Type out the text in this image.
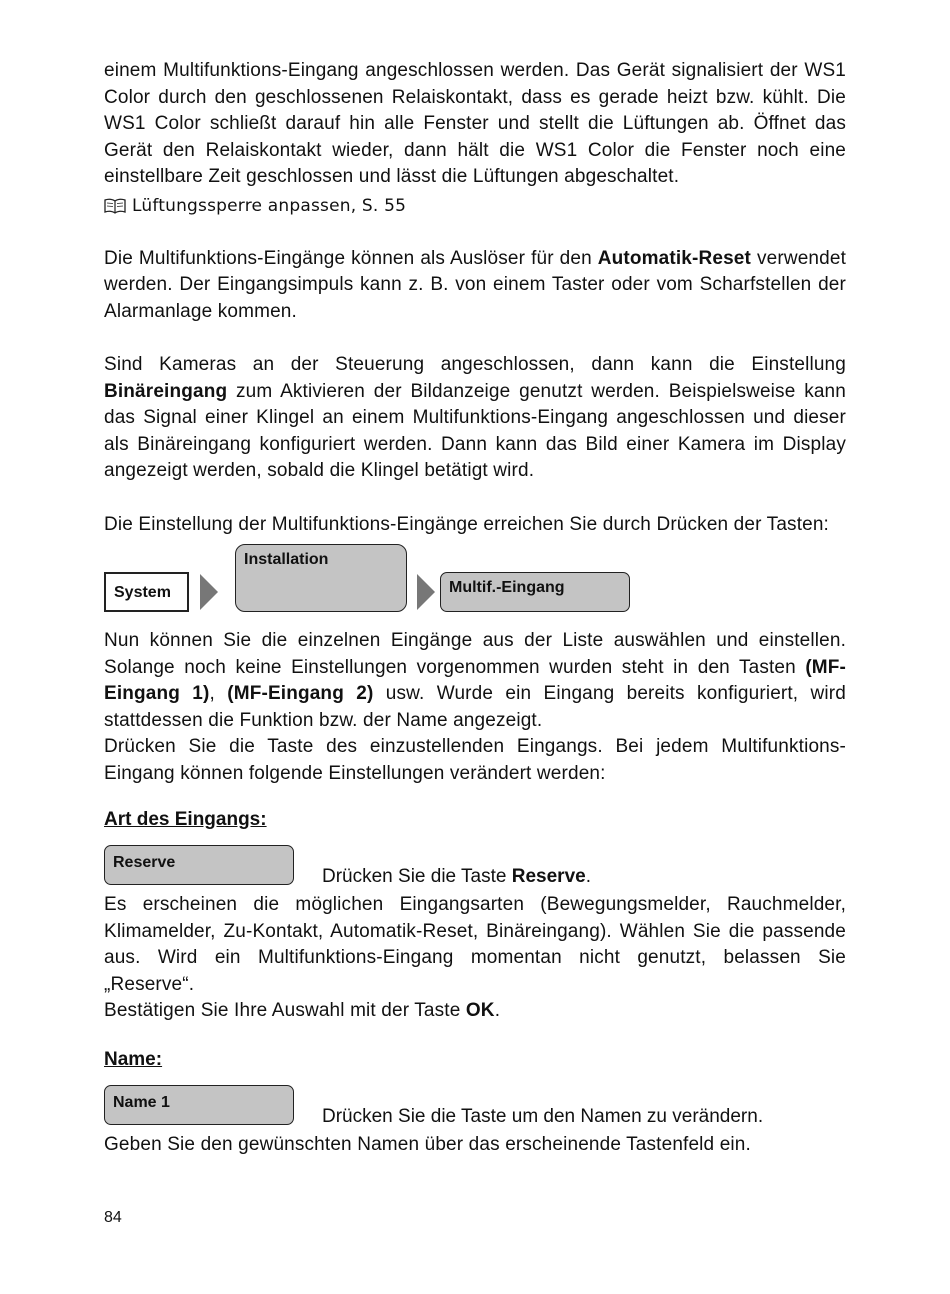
einem Multifunktions-Eingang angeschlossen werden. Das Gerät signalisiert der WS1 Color durch den geschlossenen Relaiskontakt, dass es gerade heizt bzw. kühlt. Die WS1 Color schließt darauf hin alle Fenster und stellt die Lüftungen ab. Öffnet das Gerät den Relaiskontakt wieder, dann hält die WS1 Color die Fenster noch eine einstellbare Zeit geschlossen und lässt die Lüftungen abgeschaltet.

Lüftungssperre anpassen, S. 55

Die Multifunktions-Eingänge können als Auslöser für den Automatik-Reset verwendet werden. Der Eingangsimpuls kann z. B. von einem Taster oder vom Scharfstellen der Alarmanlage kommen.

Sind Kameras an der Steuerung angeschlossen, dann kann die Einstellung Binäreingang zum Aktivieren der Bildanzeige genutzt werden. Beispielsweise kann das Signal einer Klingel an einem Multifunktions-Eingang angeschlossen und dieser als Binäreingang konfiguriert werden. Dann kann das Bild einer Kamera im Display angezeigt werden, sobald die Klingel betätigt wird.

Die Einstellung der Multifunktions-Eingänge erreichen Sie durch Drücken der Tasten:

System
Installation
Multif.-Eingang

Nun können Sie die einzelnen Eingänge aus der Liste auswählen und einstellen. Solange noch keine Einstellungen vorgenommen wurden steht in den Tasten (MF-Eingang 1), (MF-Eingang 2) usw. Wurde ein Eingang bereits konfiguriert, wird stattdessen die Funktion bzw. der Name angezeigt.

Drücken Sie die Taste des einzustellenden Eingangs. Bei jedem Multifunktions-Eingang können folgende Einstellungen verändert werden:

Art des Eingangs:
Reserve
Drücken Sie die Taste Reserve.

Es erscheinen die möglichen Eingangsarten (Bewegungsmelder, Rauchmelder, Klimamelder, Zu-Kontakt, Automatik-Reset, Binäreingang). Wählen Sie die passende aus. Wird ein Multifunktions-Eingang momentan nicht genutzt, belassen Sie „Reserve“.

Bestätigen Sie Ihre Auswahl mit der Taste OK.

Name:
Name 1
Drücken Sie die Taste um den Namen zu verändern.

Geben Sie den gewünschten Namen über das erscheinende Tastenfeld ein.

84
